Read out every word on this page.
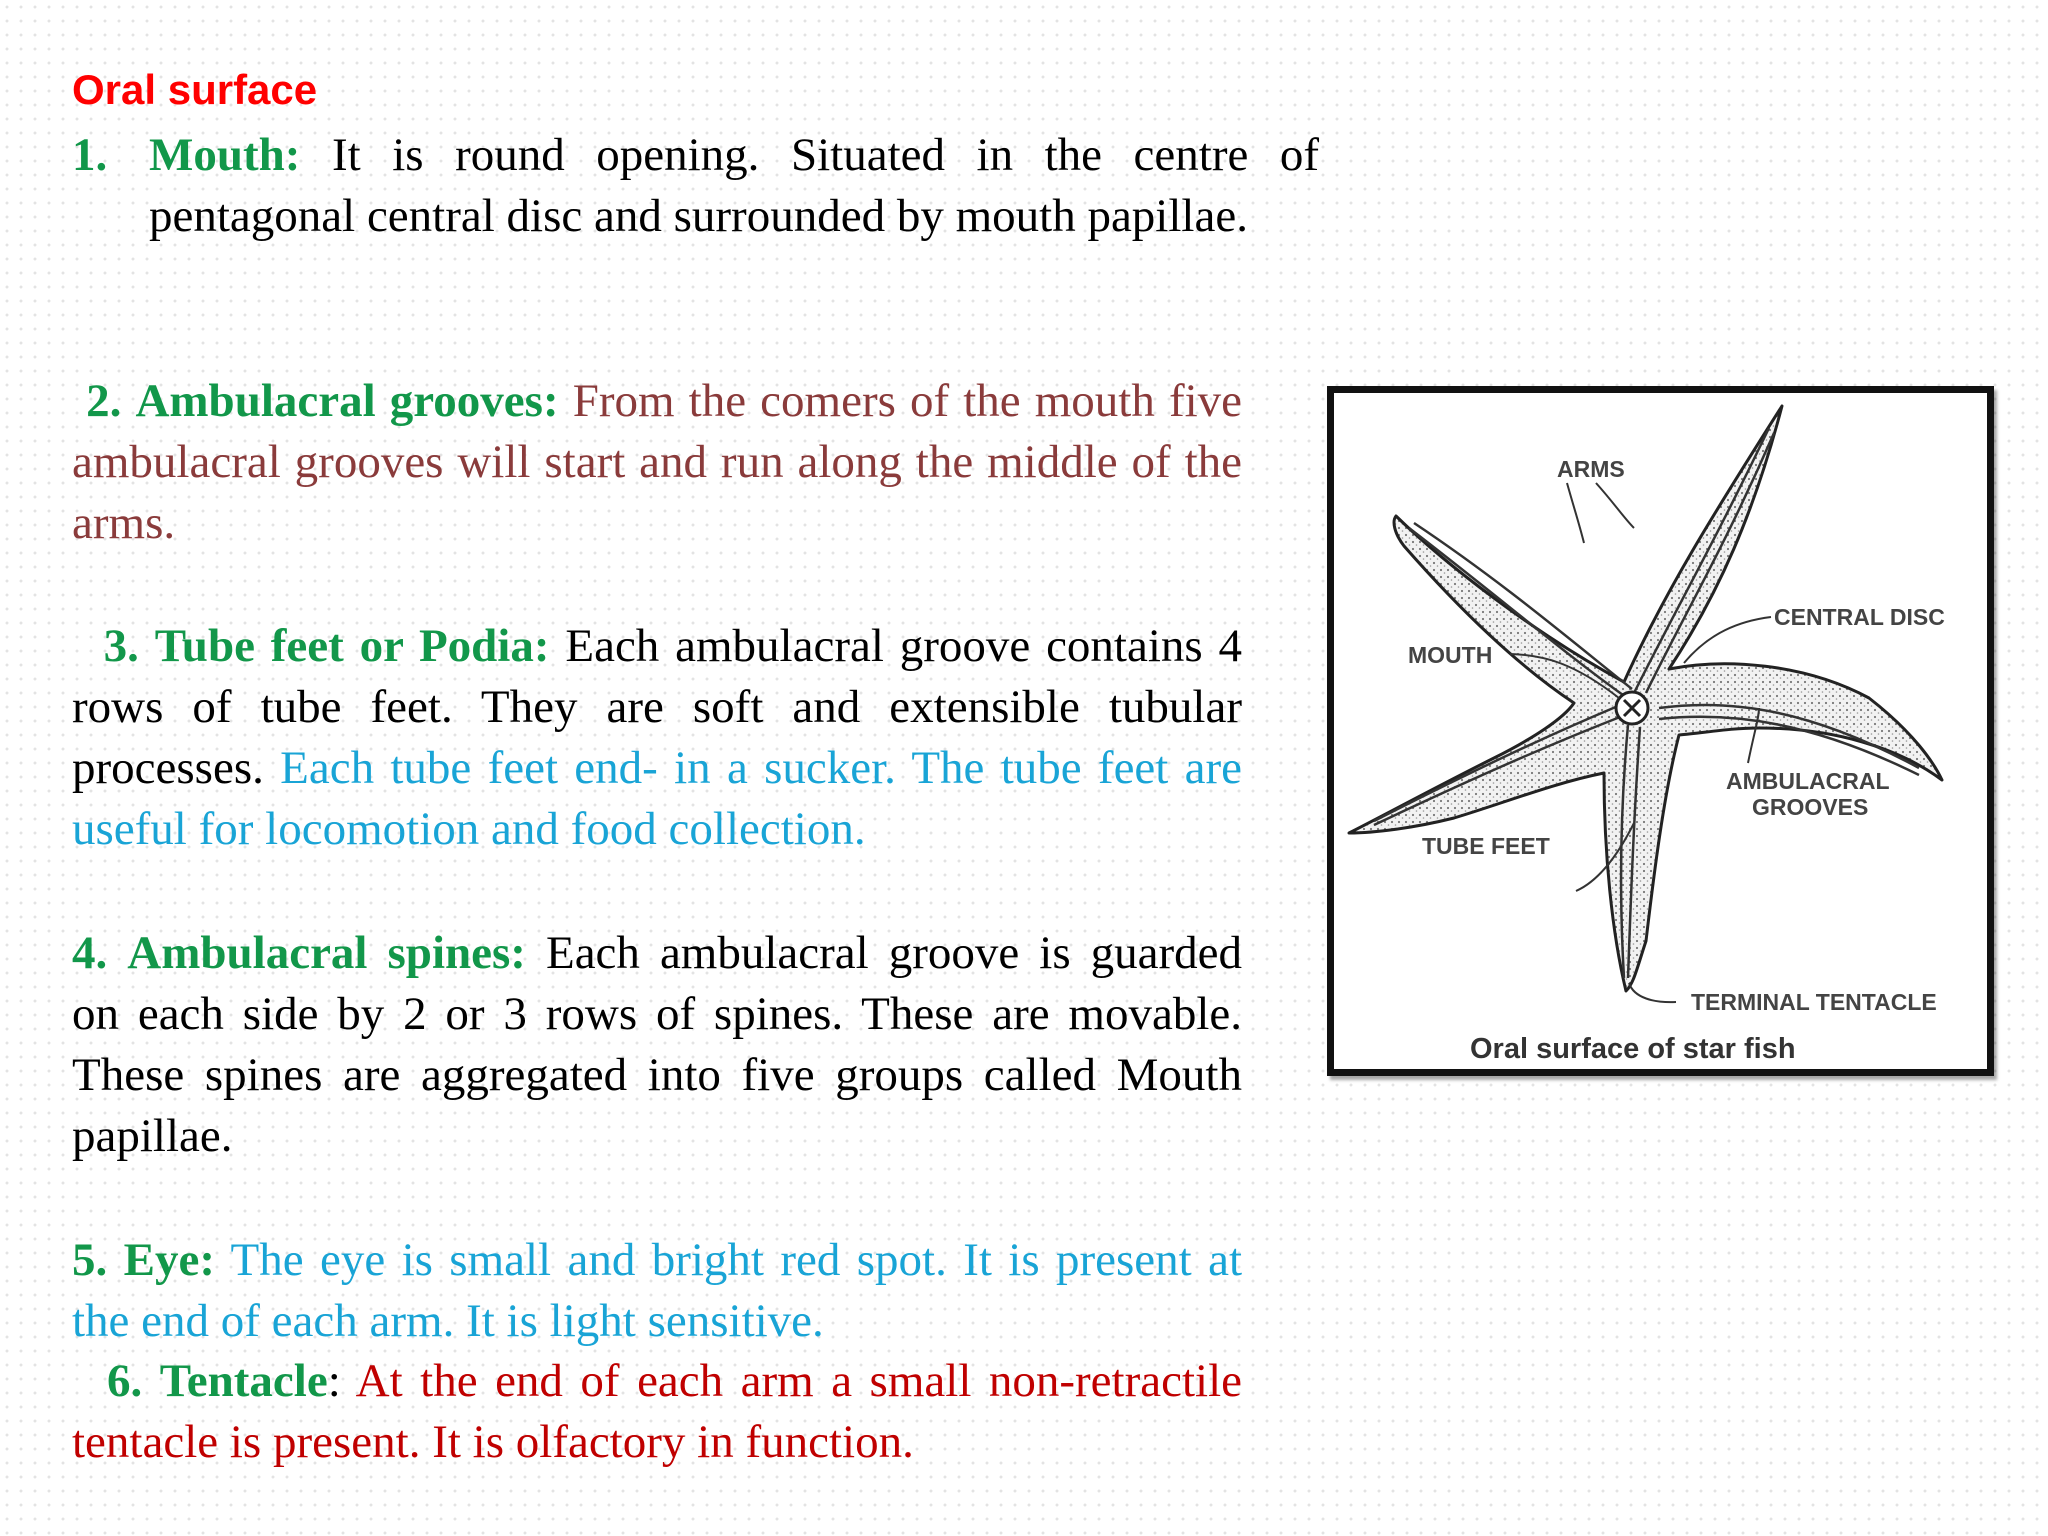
Oral surface

1. Mouth: It is round opening. Situated in the centre of pentagonal central disc and surrounded by mouth papillae.

2. Ambulacral grooves: From the comers of the mouth five ambulacral grooves will start and run along the middle of the arms.

3. Tube feet or Podia: Each ambulacral groove contains 4 rows of tube feet. They are soft and extensible tubular processes. Each tube feet end- in a sucker. The tube feet are useful for locomotion and food collection.

4. Ambulacral spines: Each ambulacral groove is guarded on each side by 2 or 3 rows of spines. These are movable. These spines are aggregated into five groups called Mouth papillae.

5. Eye: The eye is small and bright red spot. It is present at the end of each arm. It is light sensitive.

6. Tentacle: At the end of each arm a small non-retractile tentacle is present. It is olfactory in function.

ARMS
CENTRAL DISC
MOUTH
AMBULACRAL
GROOVES
TUBE FEET
TERMINAL TENTACLE
Oral surface of star fish
